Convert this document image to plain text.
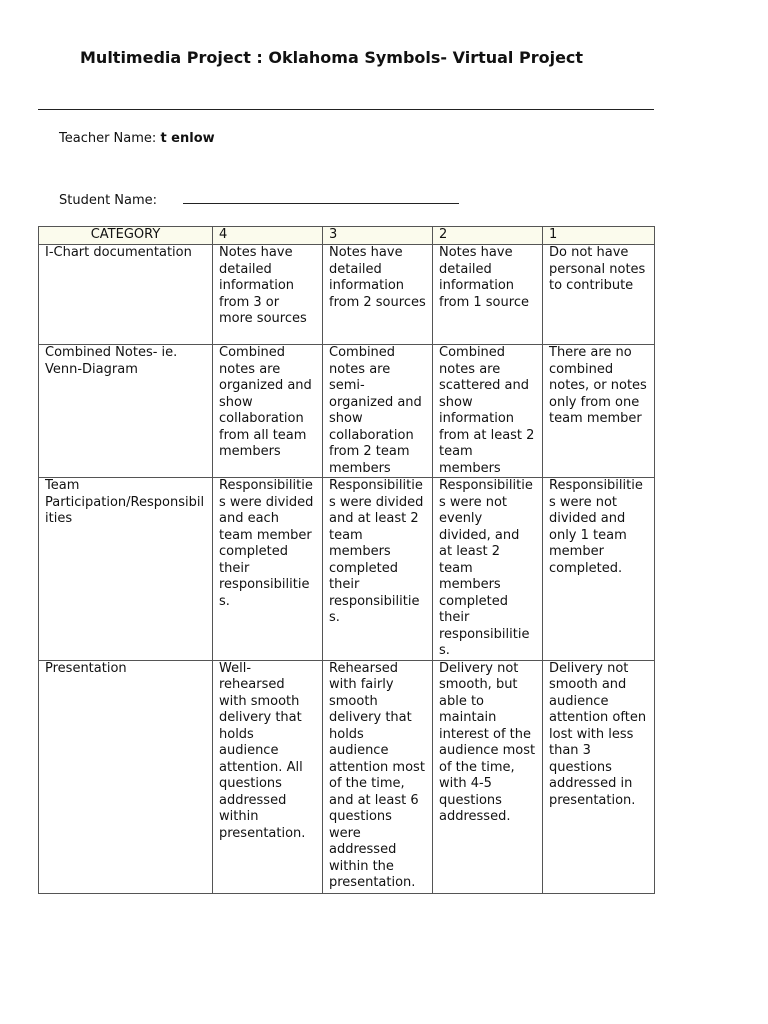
Multimedia Project : Oklahoma Symbols- Virtual Project
Teacher Name: t enlow
Student Name:
CATEGORY	4	3	2	1
I-Chart documentation	Notes have detailed information from 3 or more sources	Notes have detailed information from 2 sources	Notes have detailed information from 1 source	Do not have personal notes to contribute
Combined Notes- ie. Venn-Diagram	Combined notes are organized and show collaboration from all team members	Combined notes are semi-organized and show collaboration from 2 team members	Combined notes are scattered and show information from at least 2 team members	There are no combined notes, or notes only from one team member
Team Participation/Responsibilities	Responsibilities were divided and each team member completed their responsibilities.	Responsibilities were divided and at least 2 team members completed their responsibilities.	Responsibilities were not evenly divided, and at least 2 team members completed their responsibilities.	Responsibilities were not divided and only 1 team member completed.
Presentation	Well-rehearsed with smooth delivery that holds audience attention. All questions addressed within presentation.	Rehearsed with fairly smooth delivery that holds audience attention most of the time, and at least 6 questions were addressed within the presentation.	Delivery not smooth, but able to maintain interest of the audience most of the time, with 4-5 questions addressed.	Delivery not smooth and audience attention often lost with less than 3 questions addressed in presentation.
